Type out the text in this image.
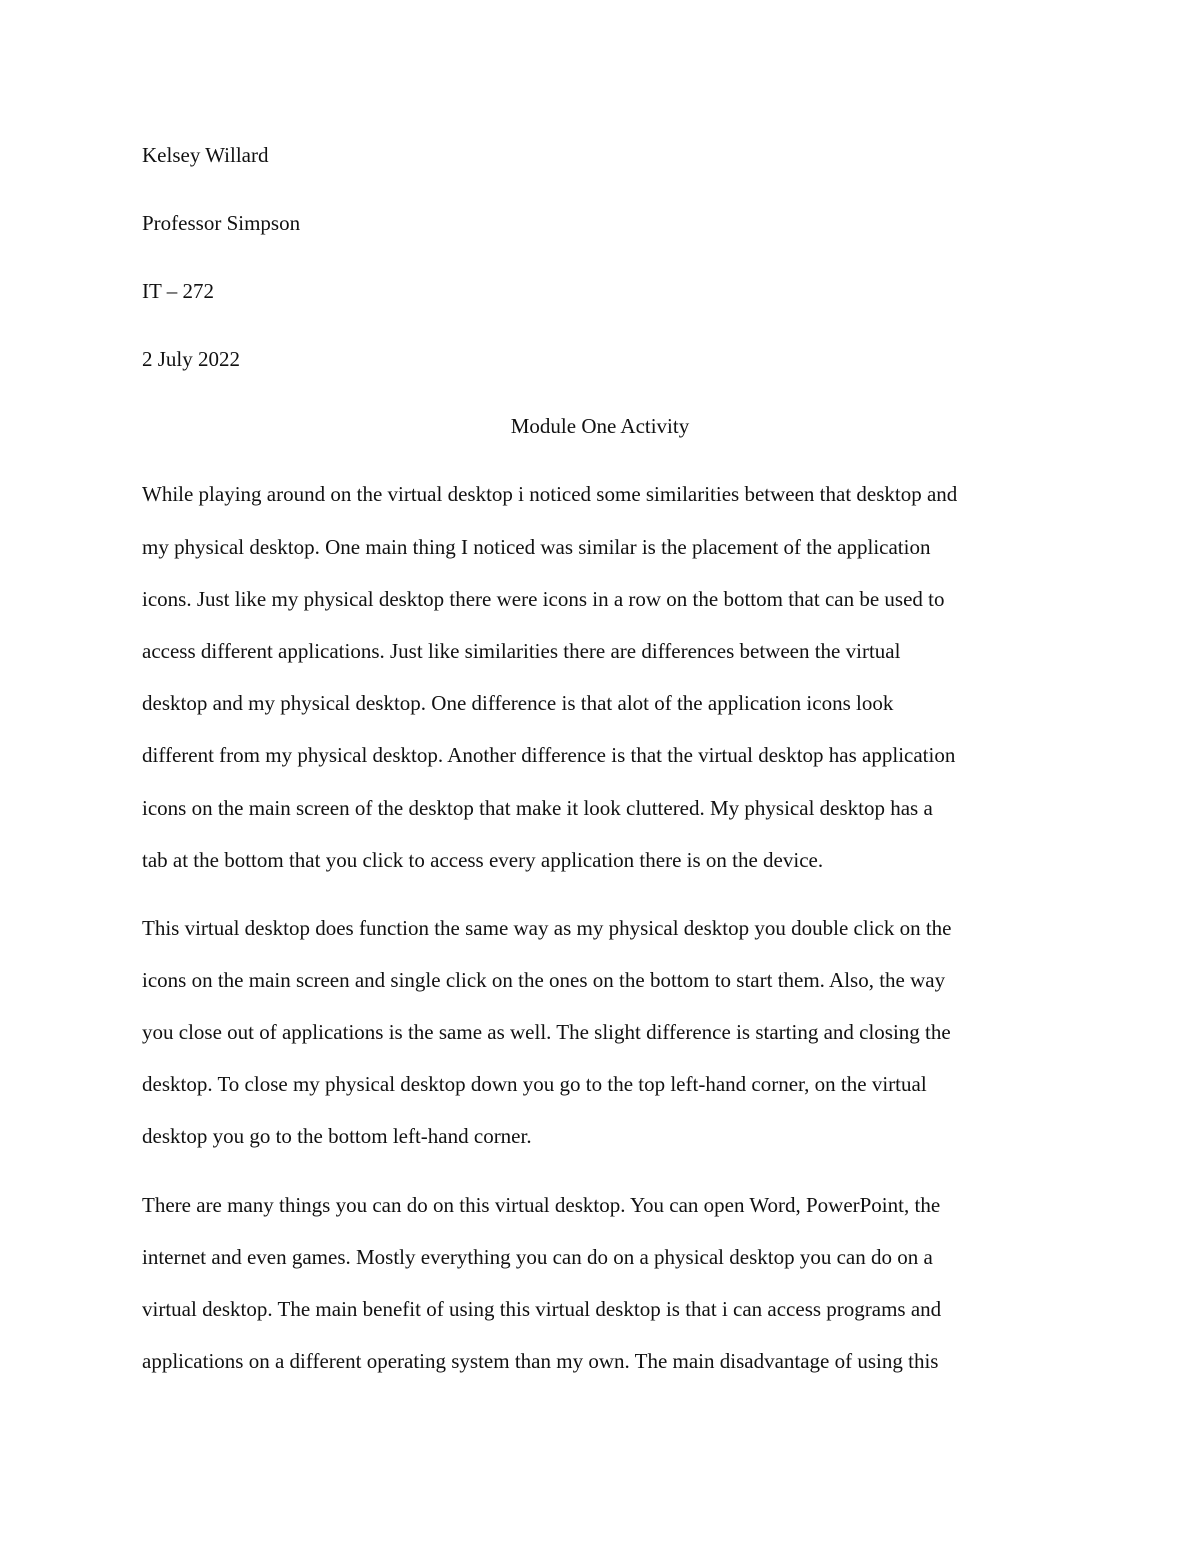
Kelsey Willard
Professor Simpson
IT – 272
2 July 2022
Module One Activity
While playing around on the virtual desktop i noticed some similarities between that desktop and
my physical desktop. One main thing I noticed was similar is the placement of the application
icons. Just like my physical desktop there were icons in a row on the bottom that can be used to
access different applications. Just like similarities there are differences between the virtual
desktop and my physical desktop. One difference is that alot of the application icons look
different from my physical desktop. Another difference is that the virtual desktop has application
icons on the main screen of the desktop that make it look cluttered. My physical desktop has a
tab at the bottom that you click to access every application there is on the device.
This virtual desktop does function the same way as my physical desktop you double click on the
icons on the main screen and single click on the ones on the bottom to start them. Also, the way
you close out of applications is the same as well. The slight difference is starting and closing the
desktop. To close my physical desktop down you go to the top left-hand corner, on the virtual
desktop you go to the bottom left-hand corner.
There are many things you can do on this virtual desktop. You can open Word, PowerPoint, the
internet and even games. Mostly everything you can do on a physical desktop you can do on a
virtual desktop. The main benefit of using this virtual desktop is that i can access programs and
applications on a different operating system than my own. The main disadvantage of using this
